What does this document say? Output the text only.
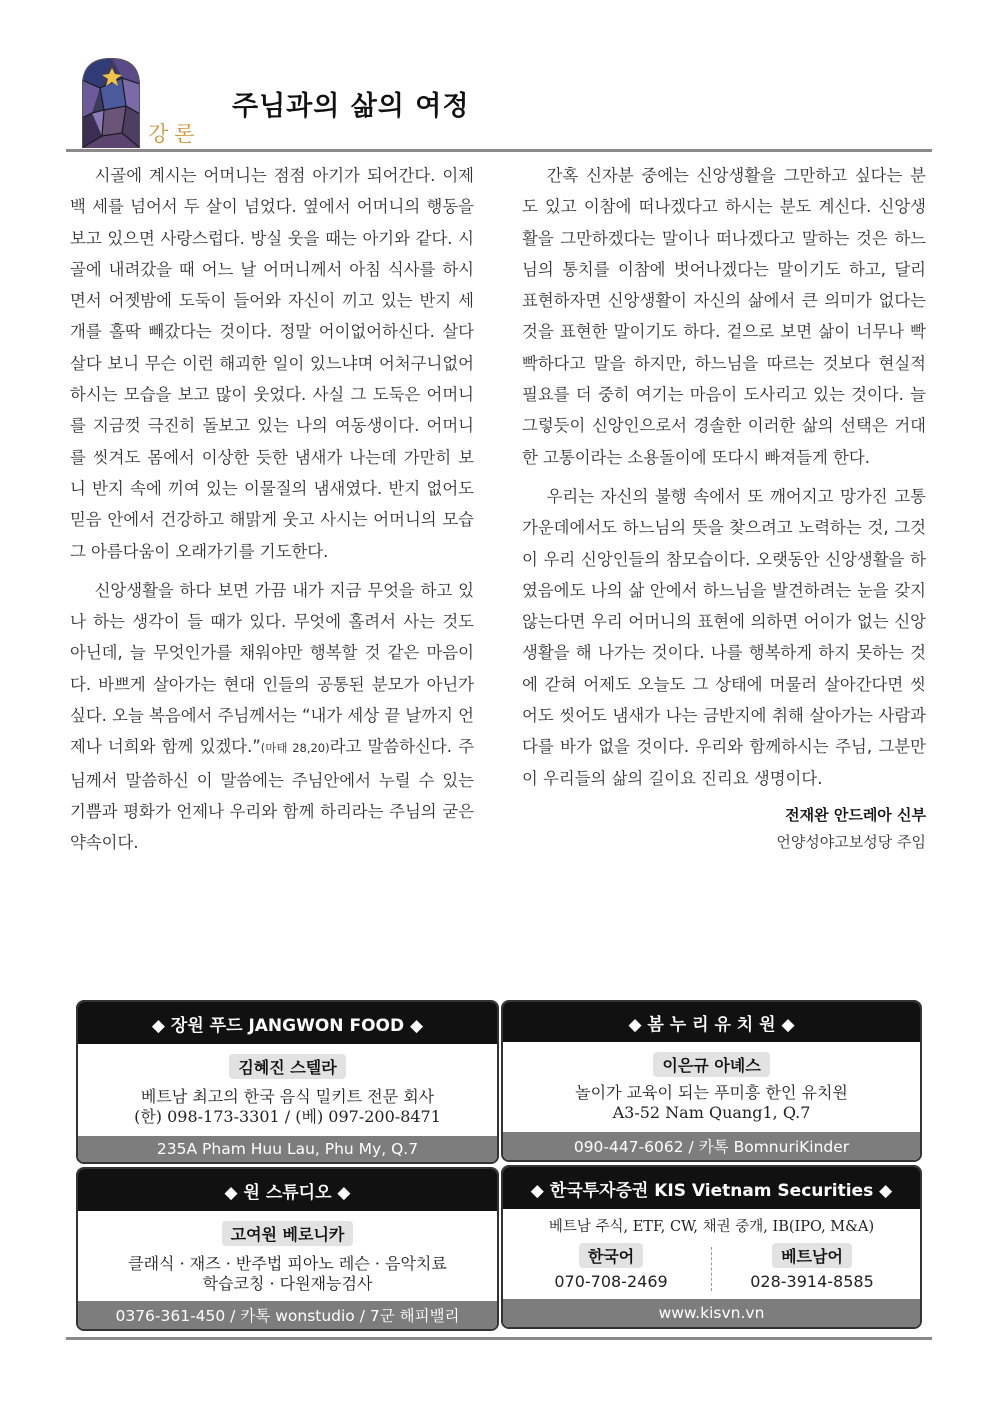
강론
주님과의 삶의 여정

시골에 계시는 어머니는 점점 아기가 되어간다. 이제 백 세를 넘어서 두 살이 넘었다. 옆에서 어머니의 행동을 보고 있으면 사랑스럽다. 방실 웃을 때는 아기와 같다. 시골에 내려갔을 때 어느 날 어머니께서 아침 식사를 하시면서 어젯밤에 도둑이 들어와 자신이 끼고 있는 반지 세 개를 홀딱 빼갔다는 것이다. 정말 어이없어하신다. 살다 살다 보니 무슨 이런 해괴한 일이 있느냐며 어처구니없어하시는 모습을 보고 많이 웃었다. 사실 그 도둑은 어머니를 지금껏 극진히 돌보고 있는 나의 여동생이다. 어머니를 씻겨도 몸에서 이상한 듯한 냄새가 나는데 가만히 보니 반지 속에 끼여 있는 이물질의 냄새였다. 반지 없어도 믿음 안에서 건강하고 해맑게 웃고 사시는 어머니의 모습 그 아름다움이 오래가기를 기도한다.

신앙생활을 하다 보면 가끔 내가 지금 무엇을 하고 있나 하는 생각이 들 때가 있다. 무엇에 홀려서 사는 것도 아닌데, 늘 무엇인가를 채워야만 행복할 것 같은 마음이다. 바쁘게 살아가는 현대 인들의 공통된 분모가 아닌가 싶다. 오늘 복음에서 주님께서는 “내가 세상 끝 날까지 언제나 너희와 함께 있겠다.”(마태 28,20)라고 말씀하신다. 주님께서 말씀하신 이 말씀에는 주님안에서 누릴 수 있는 기쁨과 평화가 언제나 우리와 함께 하리라는 주님의 굳은 약속이다.

간혹 신자분 중에는 신앙생활을 그만하고 싶다는 분도 있고 이참에 떠나겠다고 하시는 분도 계신다. 신앙생활을 그만하겠다는 말이나 떠나겠다고 말하는 것은 하느님의 통치를 이참에 벗어나겠다는 말이기도 하고, 달리 표현하자면 신앙생활이 자신의 삶에서 큰 의미가 없다는 것을 표현한 말이기도 하다. 겉으로 보면 삶이 너무나 빡빡하다고 말을 하지만, 하느님을 따르는 것보다 현실적 필요를 더 중히 여기는 마음이 도사리고 있는 것이다. 늘 그렇듯이 신앙인으로서 경솔한 이러한 삶의 선택은 거대한 고통이라는 소용돌이에 또다시 빠져들게 한다.

우리는 자신의 불행 속에서 또 깨어지고 망가진 고통 가운데에서도 하느님의 뜻을 찾으려고 노력하는 것, 그것이 우리 신앙인들의 참모습이다. 오랫동안 신앙생활을 하였음에도 나의 삶 안에서 하느님을 발견하려는 눈을 갖지 않는다면 우리 어머니의 표현에 의하면 어이가 없는 신앙생활을 해 나가는 것이다. 나를 행복하게 하지 못하는 것에 갇혀 어제도 오늘도 그 상태에 머물러 살아간다면 씻어도 씻어도 냄새가 나는 금반지에 취해 살아가는 사람과 다를 바가 없을 것이다. 우리와 함께하시는 주님, 그분만이 우리들의 삶의 길이요 진리요 생명이다.

전재완 안드레아 신부

언양성야고보성당 주임

◆ 장원 푸드 JANGWON FOOD ◆
김혜진 스텔라
베트남 최고의 한국 음식 밀키트 전문 회사
(한) 098-173-3301 / (베) 097-200-8471
235A Pham Huu Lau, Phu My, Q.7
◆ 봄 누 리 유 치 원 ◆
이은규 아녜스
놀이가 교육이 되는 푸미흥 한인 유치원
A3-52 Nam Quang1, Q.7
090-447-6062 / 카톡 BomnuriKinder
◆ 원 스튜디오 ◆
고여원 베로니카
클래식 · 재즈 · 반주법 피아노 레슨 · 음악치료
학습코칭 · 다원재능검사
0376-361-450 / 카톡 wonstudio / 7군 해피밸리
◆ 한국투자증권 KIS Vietnam Securities ◆
베트남 주식, ETF, CW, 채권 중개, IB(IPO, M&A)
한국어
070-708-2469
베트남어
028-3914-8585
www.kisvn.vn
